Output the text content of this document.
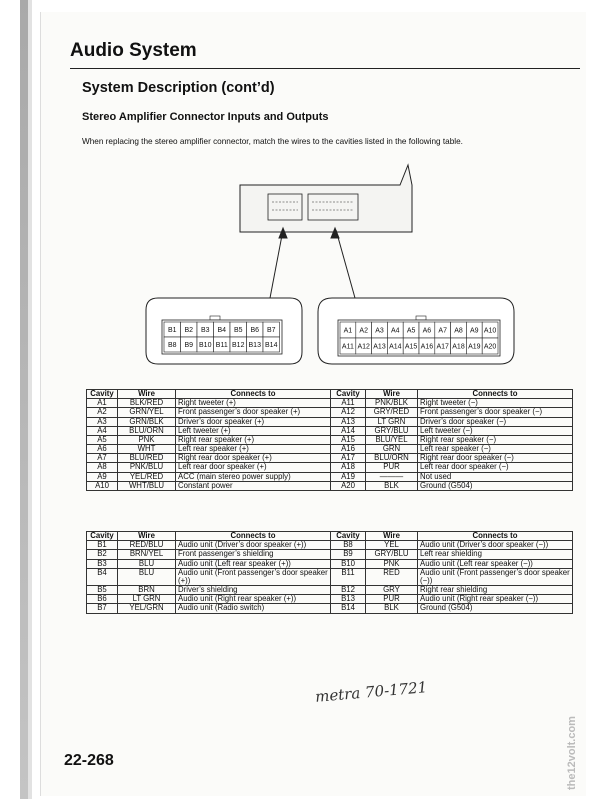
Audio System
System Description (cont’d)
Stereo Amplifier Connector Inputs and Outputs

When replacing the stereo amplifier connector, match the wires to the cavities listed in the following table.

B1 B2 B3 B4 B5 B6 B7
B8 B9 B10 B11 B12 B13 B14
A1 A2 A3 A4 A5 A6 A7 A8 A9 A10
A11 A12 A13 A14 A15 A16 A17 A18 A19 A20
Cavity	Wire	Connects to	Cavity	Wire	Connects to
A1	BLK/RED	Right tweeter (+)	A11	PNK/BLK	Right tweeter (−)
A2	GRN/YEL	Front passenger’s door speaker (+)	A12	GRY/RED	Front passenger’s door speaker (−)
A3	GRN/BLK	Driver’s door speaker (+)	A13	LT GRN	Driver’s door speaker (−)
A4	BLU/ORN	Left tweeter (+)	A14	GRY/BLU	Left tweeter (−)
A5	PNK	Right rear speaker (+)	A15	BLU/YEL	Right rear speaker (−)
A6	WHT	Left rear speaker (+)	A16	GRN	Left rear speaker (−)
A7	BLU/RED	Right rear door speaker (+)	A17	BLU/ORN	Right rear door speaker (−)
A8	PNK/BLU	Left rear door speaker (+)	A18	PUR	Left rear door speaker (−)
A9	YEL/RED	ACC (main stereo power supply)	A19	———	Not used
A10	WHT/BLU	Constant power	A20	BLK	Ground (G504)
Cavity	Wire	Connects to	Cavity	Wire	Connects to
B1	RED/BLU	Audio unit (Driver’s door speaker (+))	B8	YEL	Audio unit (Driver’s door speaker (−))
B2	BRN/YEL	Front passenger’s shielding	B9	GRY/BLU	Left rear shielding
B3	BLU	Audio unit (Left rear speaker (+))	B10	PNK	Audio unit (Left rear speaker (−))
B4	BLU	Audio unit (Front passenger’s door speaker (+))	B11	RED	Audio unit (Front passenger’s door speaker (−))
B5	BRN	Driver’s shielding	B12	GRY	Right rear shielding
B6	LT GRN	Audio unit (Right rear speaker (+))	B13	PUR	Audio unit (Right rear speaker (−))
B7	YEL/GRN	Audio unit (Radio switch)	B14	BLK	Ground (G504)
metra 70-1721
22-268	the12volt.com
